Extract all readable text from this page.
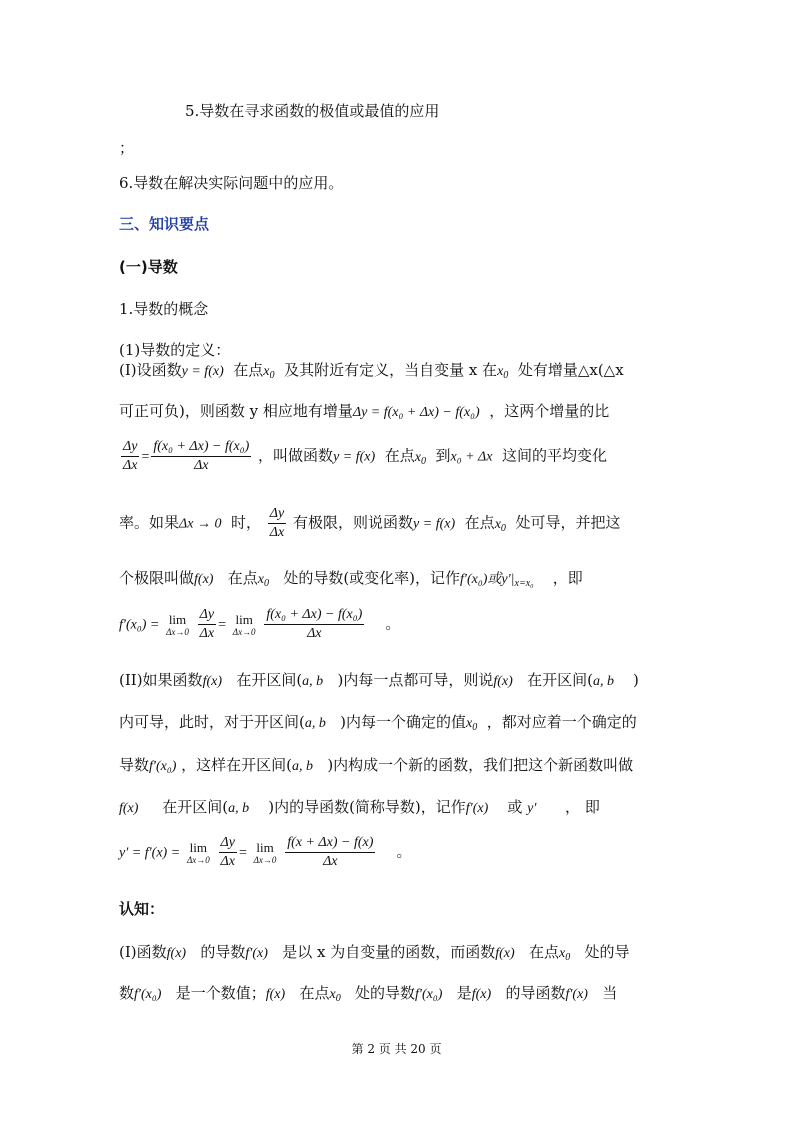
5.导数在寻求函数的极值或最值的应用
；
6.导数在解决实际问题中的应用。
三、知识要点
(一)导数
1.导数的概念
(1)导数的定义：
(I)设函数y = f(x) 在点$x_0$ 及其附近有定义，当自变量 x 在$x_0$ 处有增量△x(△x
可正可负)，则函数 y 相应地有增量Δy = f(x₀ + Δx) − f(x₀) ，这两个增量的比
$\frac{\Delta y}{\Delta x} = \frac{\text{f(x₀ + Δx) − f(x₀)}}{\Delta x}$ ，叫做函数y = f(x) 在点$x_0$ 到x₀ + Δx 这间的平均变化
率。如果Δx → 0 时， $\frac{\Delta y}{\Delta x}$ 有极限，则说函数y = f(x) 在点$x_0$ 处可导，并把这
个极限叫做f(x) 在点$x_0$ 处的导数(或变化率)，记作f′(x₀)或$y'|_{x=x_0}$ ，即
f′(x₀) = lim
Δx→0
$\frac{\Delta y}{\Delta x} = \lim$
Δx→0
$\frac{\text{f(x₀ + Δx) − f(x₀)}}{\Delta x}$ 。
(II)如果函数f(x) 在开区间(a, b )内每一点都可导，则说f(x) 在开区间(a, b )
内可导，此时，对于开区间(a, b )内每一个确定的值$x_0$ ，都对应着一个确定的
导数f′(x₀) ，这样在开区间(a, b )内构成一个新的函数，我们把这个新函数叫做
f(x) 在开区间(a, b )内的导函数(简称导数)，记作f′(x) 或 y′ ， 即
y′ = f′(x) = lim
Δx→0
$\frac{\Delta y}{\Delta x} = \lim$
Δx→0
$\frac{f(x + \Delta x) - f(x)}{\Delta x}$ 。
认知：
(I)函数f(x) 的导数f′(x) 是以 x 为自变量的函数，而函数f(x) 在点$x_0$ 处的导
数f′(x₀) 是一个数值；f(x) 在点$x_0$ 处的导数f′(x₀) 是f(x) 的导函数f′(x) 当
第 2 页 共 20 页
